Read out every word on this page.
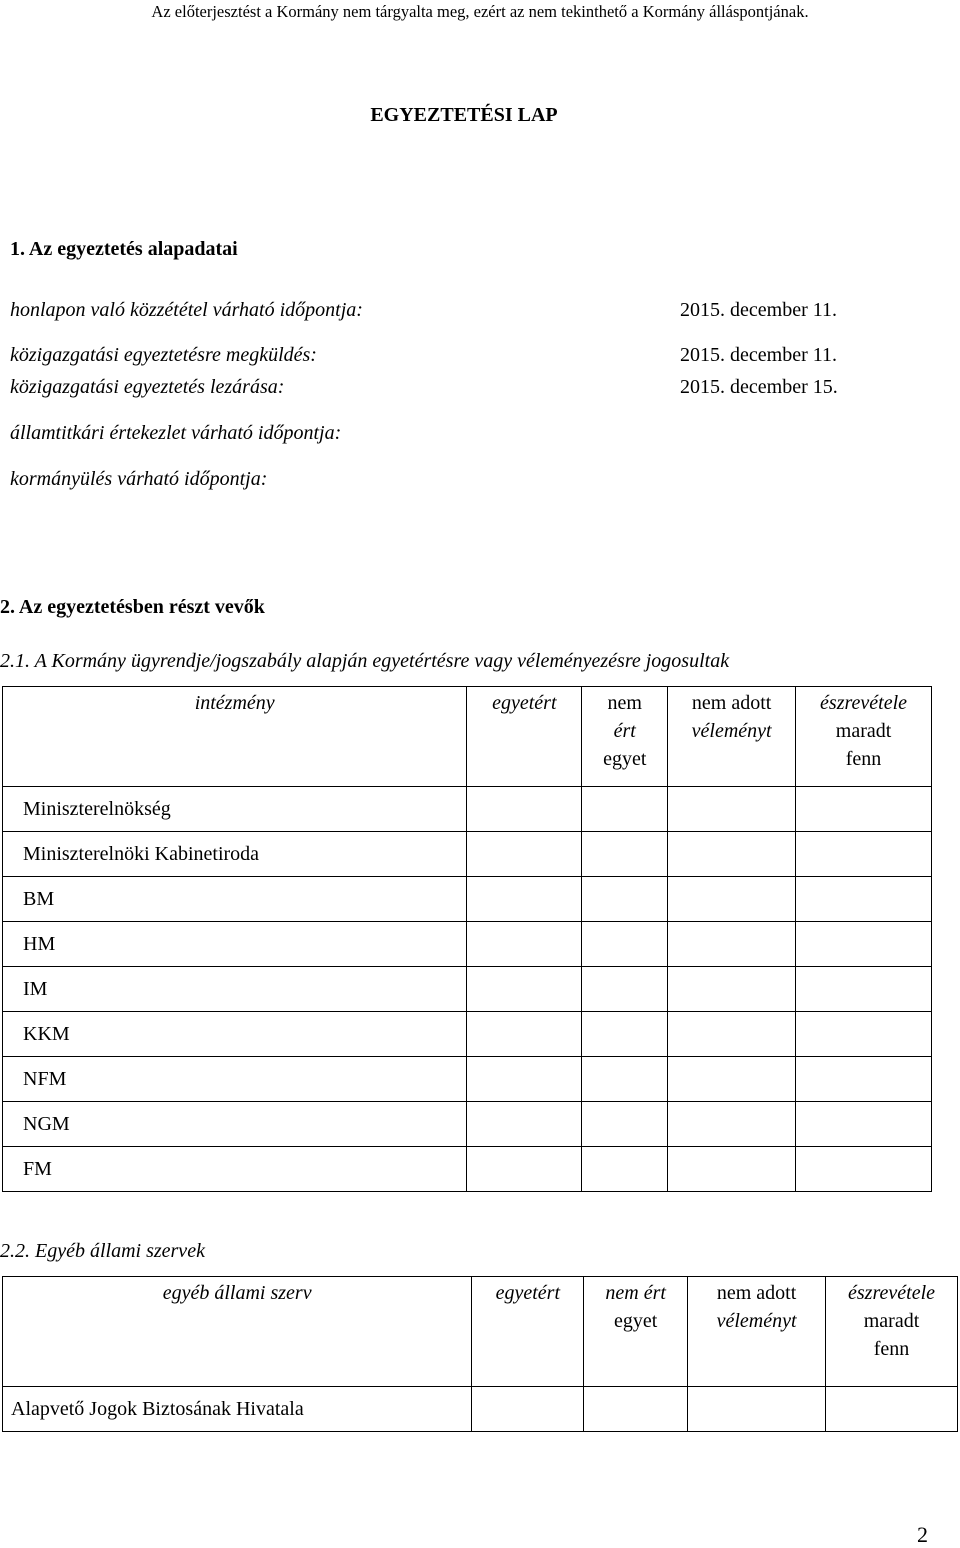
Az előterjesztést a Kormány nem tárgyalta meg, ezért az nem tekinthető a Kormány álláspontjának.
EGYEZTETÉSI LAP
1. Az egyeztetés alapadatai
honlapon való közzététel várható időpontja:	2015. december 11.
közigazgatási egyeztetésre megküldés:	2015. december 11.
közigazgatási egyeztetés lezárása:	2015. december 15.
államtitkári értekezlet várható időpontja:
kormányülés várható időpontja:
2. Az egyeztetésben részt vevők
2.1. A Kormány ügyrendje/jogszabály alapján egyetértésre vagy véleményezésre jogosultak
intézmény	egyetért	nem
ért
egyet	nem adott
véleményt	észrevétele
maradt
fenn
Miniszterelnökség				
Miniszterelnöki Kabinetiroda				
BM				
HM				
IM				
KKM				
NFM				
NGM				
FM				
2.2. Egyéb állami szervek
egyéb állami szerv	egyetért	nem ért
egyet	nem adott
véleményt	észrevétele
maradt
fenn
Alapvető Jogok Biztosának Hivatala				
2
